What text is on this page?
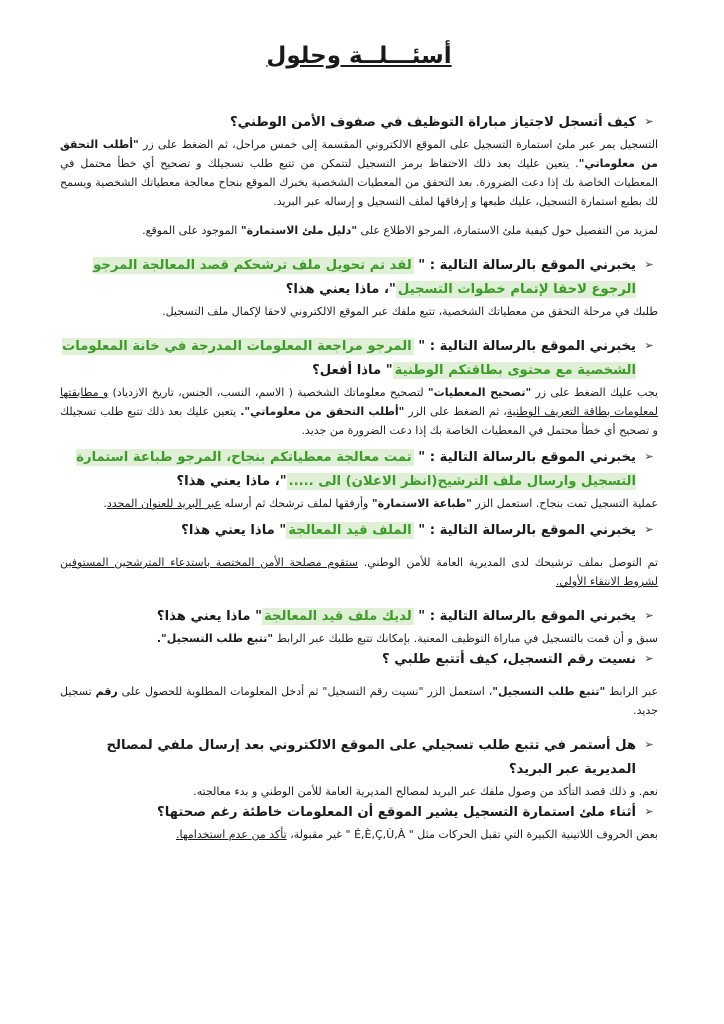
أسئـــلــة وحلول
➢
كيف أتسجل لاجتياز مباراة التوظيف في صفوف الأمن الوطني؟
التسجيل يمر عبر ملئ استمارة التسجيل على الموقع الالكتروني المقسمة إلى خمس مراحل، ثم الضغط على زر "أطلب التحقق من معلوماتي". يتعين عليك بعد ذلك الاحتفاظ برمز التسجيل لتتمكن من تتبع طلب تسجيلك و تصحيح أي خطأ محتمل في المعطيات الخاصة بك إذا دعت الضرورة. بعد التحقق من المعطيات الشخصية يخبرك الموقع بنجاح معالجة معطياتك الشخصية ويسمح لك بطبع استمارة التسجيل، عليك طبعها و إرفاقها لملف التسجيل و إرساله عبر البريد.
لمزيد من التفصيل حول كيفية ملئ الاستمارة، المرجو الاطلاع على "دليل ملئ الاستمارة" الموجود على الموقع.
➢
يخبرني الموقع بالرسالة التالية : " لقد تم تحويل ملف ترشحكم قصد المعالجة المرجو الرجوع لاحقا لإتمام خطوات التسجيل"، ماذا يعني هذا؟
طلبك في مرحلة التحقق من معطياتك الشخصية، تتبع ملفك عبر الموقع الالكتروني لاحقا لإكمال ملف التسجيل.
➢
يخبرني الموقع بالرسالة التالية : " المرجو مراجعة المعلومات المدرجة في خانة المعلومات الشخصية مع محتوى بطاقتكم الوطنية" ماذا أفعل؟
يجب عليك الضغط على زر "تصحيح المعطيات" لتصحيح معلوماتك الشخصية ( الاسم، النسب، الجنس، تاريخ الازدياد) و مطابقتها لمعلومات بطاقة التعريف الوطنية، ثم الضغط على الزر "أطلب التحقق من معلوماتي". يتعين عليك بعد ذلك تتبع طلب تسجيلك و تصحيح أي خطأ محتمل في المعطيات الخاصة بك إذا دعت الضرورة من جديد.
➢
يخبرني الموقع بالرسالة التالية : " تمت معالجة معطياتكم بنجاح، المرجو طباعة استمارة التسجيل وارسال ملف الترشيح(انظر الاعلان) الى ....."، ماذا يعني هذا؟
عملية التسجيل تمت بنجاح. استعمل الزر "طباعة الاستمارة" وأرفقها لملف ترشحك ثم أرسله عبر البريد للعنوان المحدد.
➢
يخبرني الموقع بالرسالة التالية : " الملف قيد المعالجة" ماذا يعني هذا؟
تم التوصل بملف ترشيحك لدى المديرية العامة للأمن الوطني. ستقوم مصلحة الأمن المختصة باستدعاء المترشحين المستوفين لشروط الانتقاء الأولي.
➢
يخبرني الموقع بالرسالة التالية : " لديك ملف قيد المعالجة" ماذا يعني هذا؟
سبق و أن قمت بالتسجيل في مباراة التوظيف المعنية. بإمكانك تتبع طلبك عبر الرابط "تتبع طلب التسجيل".
➢
نسيت رقم التسجيل، كيف أتتبع طلبي ؟
عبر الرابط "تتبع طلب التسجيل"، استعمل الزر "نسيت رقم التسجيل" ثم أدخل المعلومات المطلوبة للحصول على رقم تسجيل جديد.
➢
هل أستمر في تتبع طلب تسجيلي على الموقع الالكتروني بعد إرسال ملفي لمصالح المديرية عبر البريد؟
نعم. و ذلك قصد التأكد من وصول ملفك عبر البريد لمصالح المديرية العامة للأمن الوطني و بدء معالجته.
➢
أثناء ملئ استمارة التسجيل يشير الموقع أن المعلومات خاطئة رغم صحتها؟
بعض الحروف اللاتينية الكبيرة التي تقبل الحركات مثل " É,È,Ç,Ù,À " غير مقبولة، تأكد من عدم استخدامها.
